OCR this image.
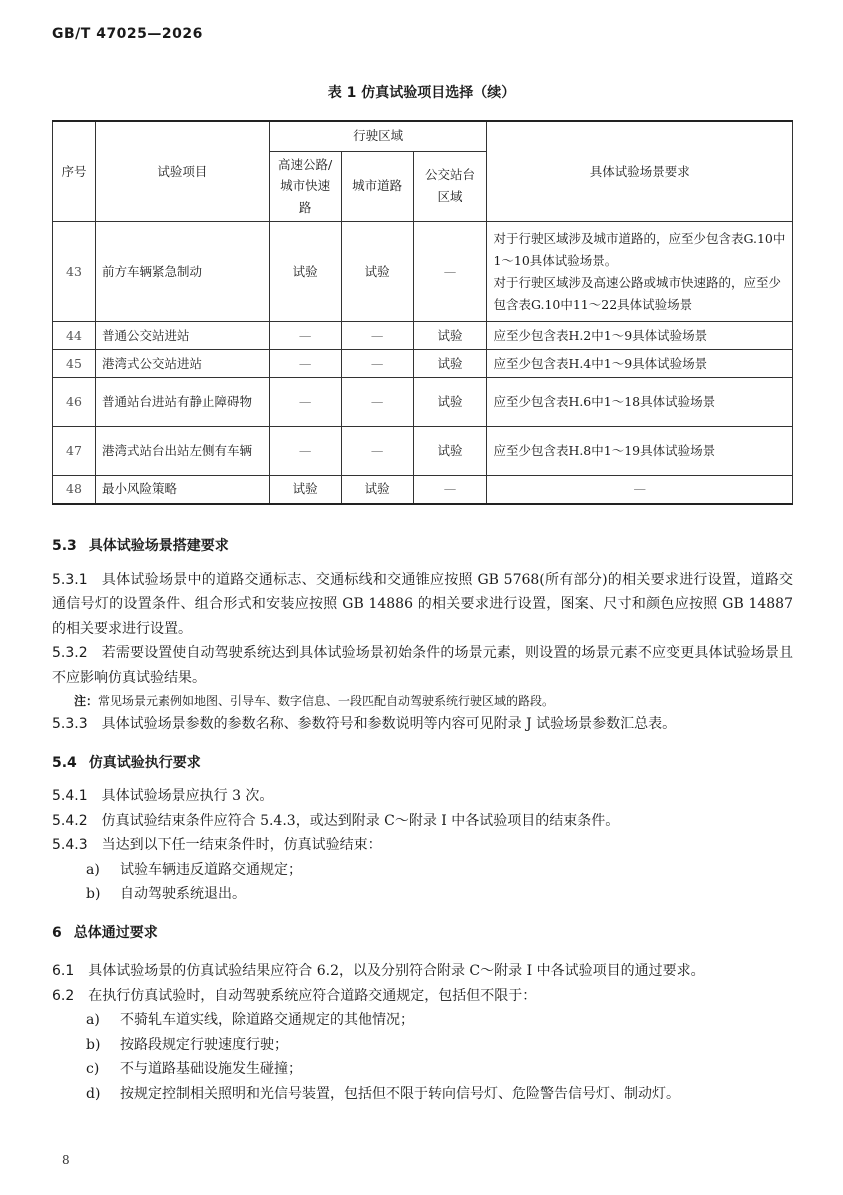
GB/T 47025—2026
表 1 仿真试验项目选择（续）
序号	试验项目	行驶区域			具体试验场景要求
		高速公路/城市快速路	城市道路	公交站台区域	
43	前方车辆紧急制动	试验	试验	—	对于行驶区域涉及城市道路的，应至少包含表G.10中1～10具体试验场景。
对于行驶区域涉及高速公路或城市快速路的，应至少包含表G.10中11～22具体试验场景

44	普通公交站进站	—	—	试验	应至少包含表H.2中1～9具体试验场景
45	港湾式公交站进站	—	—	试验	应至少包含表H.4中1～9具体试验场景
46	普通站台进站有静止障碍物	—	—	试验	应至少包含表H.6中1～18具体试验场景
47	港湾式站台出站左侧有车辆	—	—	试验	应至少包含表H.8中1～19具体试验场景
48	最小风险策略	试验	试验	—	—
5.3 具体试验场景搭建要求
5.3.1 具体试验场景中的道路交通标志、交通标线和交通锥应按照 GB 5768(所有部分)的相关要求进行设置，道路交通信号灯的设置条件、组合形式和安装应按照 GB 14886 的相关要求进行设置，图案、尺寸和颜色应按照 GB 14887 的相关要求进行设置。
5.3.2 若需要设置使自动驾驶系统达到具体试验场景初始条件的场景元素，则设置的场景元素不应变更具体试验场景且不应影响仿真试验结果。
注：常见场景元素例如地图、引导车、数字信息、一段匹配自动驾驶系统行驶区域的路段。
5.3.3 具体试验场景参数的参数名称、参数符号和参数说明等内容可见附录 J 试验场景参数汇总表。
5.4 仿真试验执行要求
5.4.1 具体试验场景应执行 3 次。
5.4.2 仿真试验结束条件应符合 5.4.3，或达到附录 C～附录 I 中各试验项目的结束条件。
5.4.3 当达到以下任一结束条件时，仿真试验结束：
a) 试验车辆违反道路交通规定；
b) 自动驾驶系统退出。
6 总体通过要求
6.1 具体试验场景的仿真试验结果应符合 6.2，以及分别符合附录 C～附录 I 中各试验项目的通过要求。
6.2 在执行仿真试验时，自动驾驶系统应符合道路交通规定，包括但不限于：
a) 不骑轧车道实线，除道路交通规定的其他情况；
b) 按路段规定行驶速度行驶；
c) 不与道路基础设施发生碰撞；
d) 按规定控制相关照明和光信号装置，包括但不限于转向信号灯、危险警告信号灯、制动灯。
8
